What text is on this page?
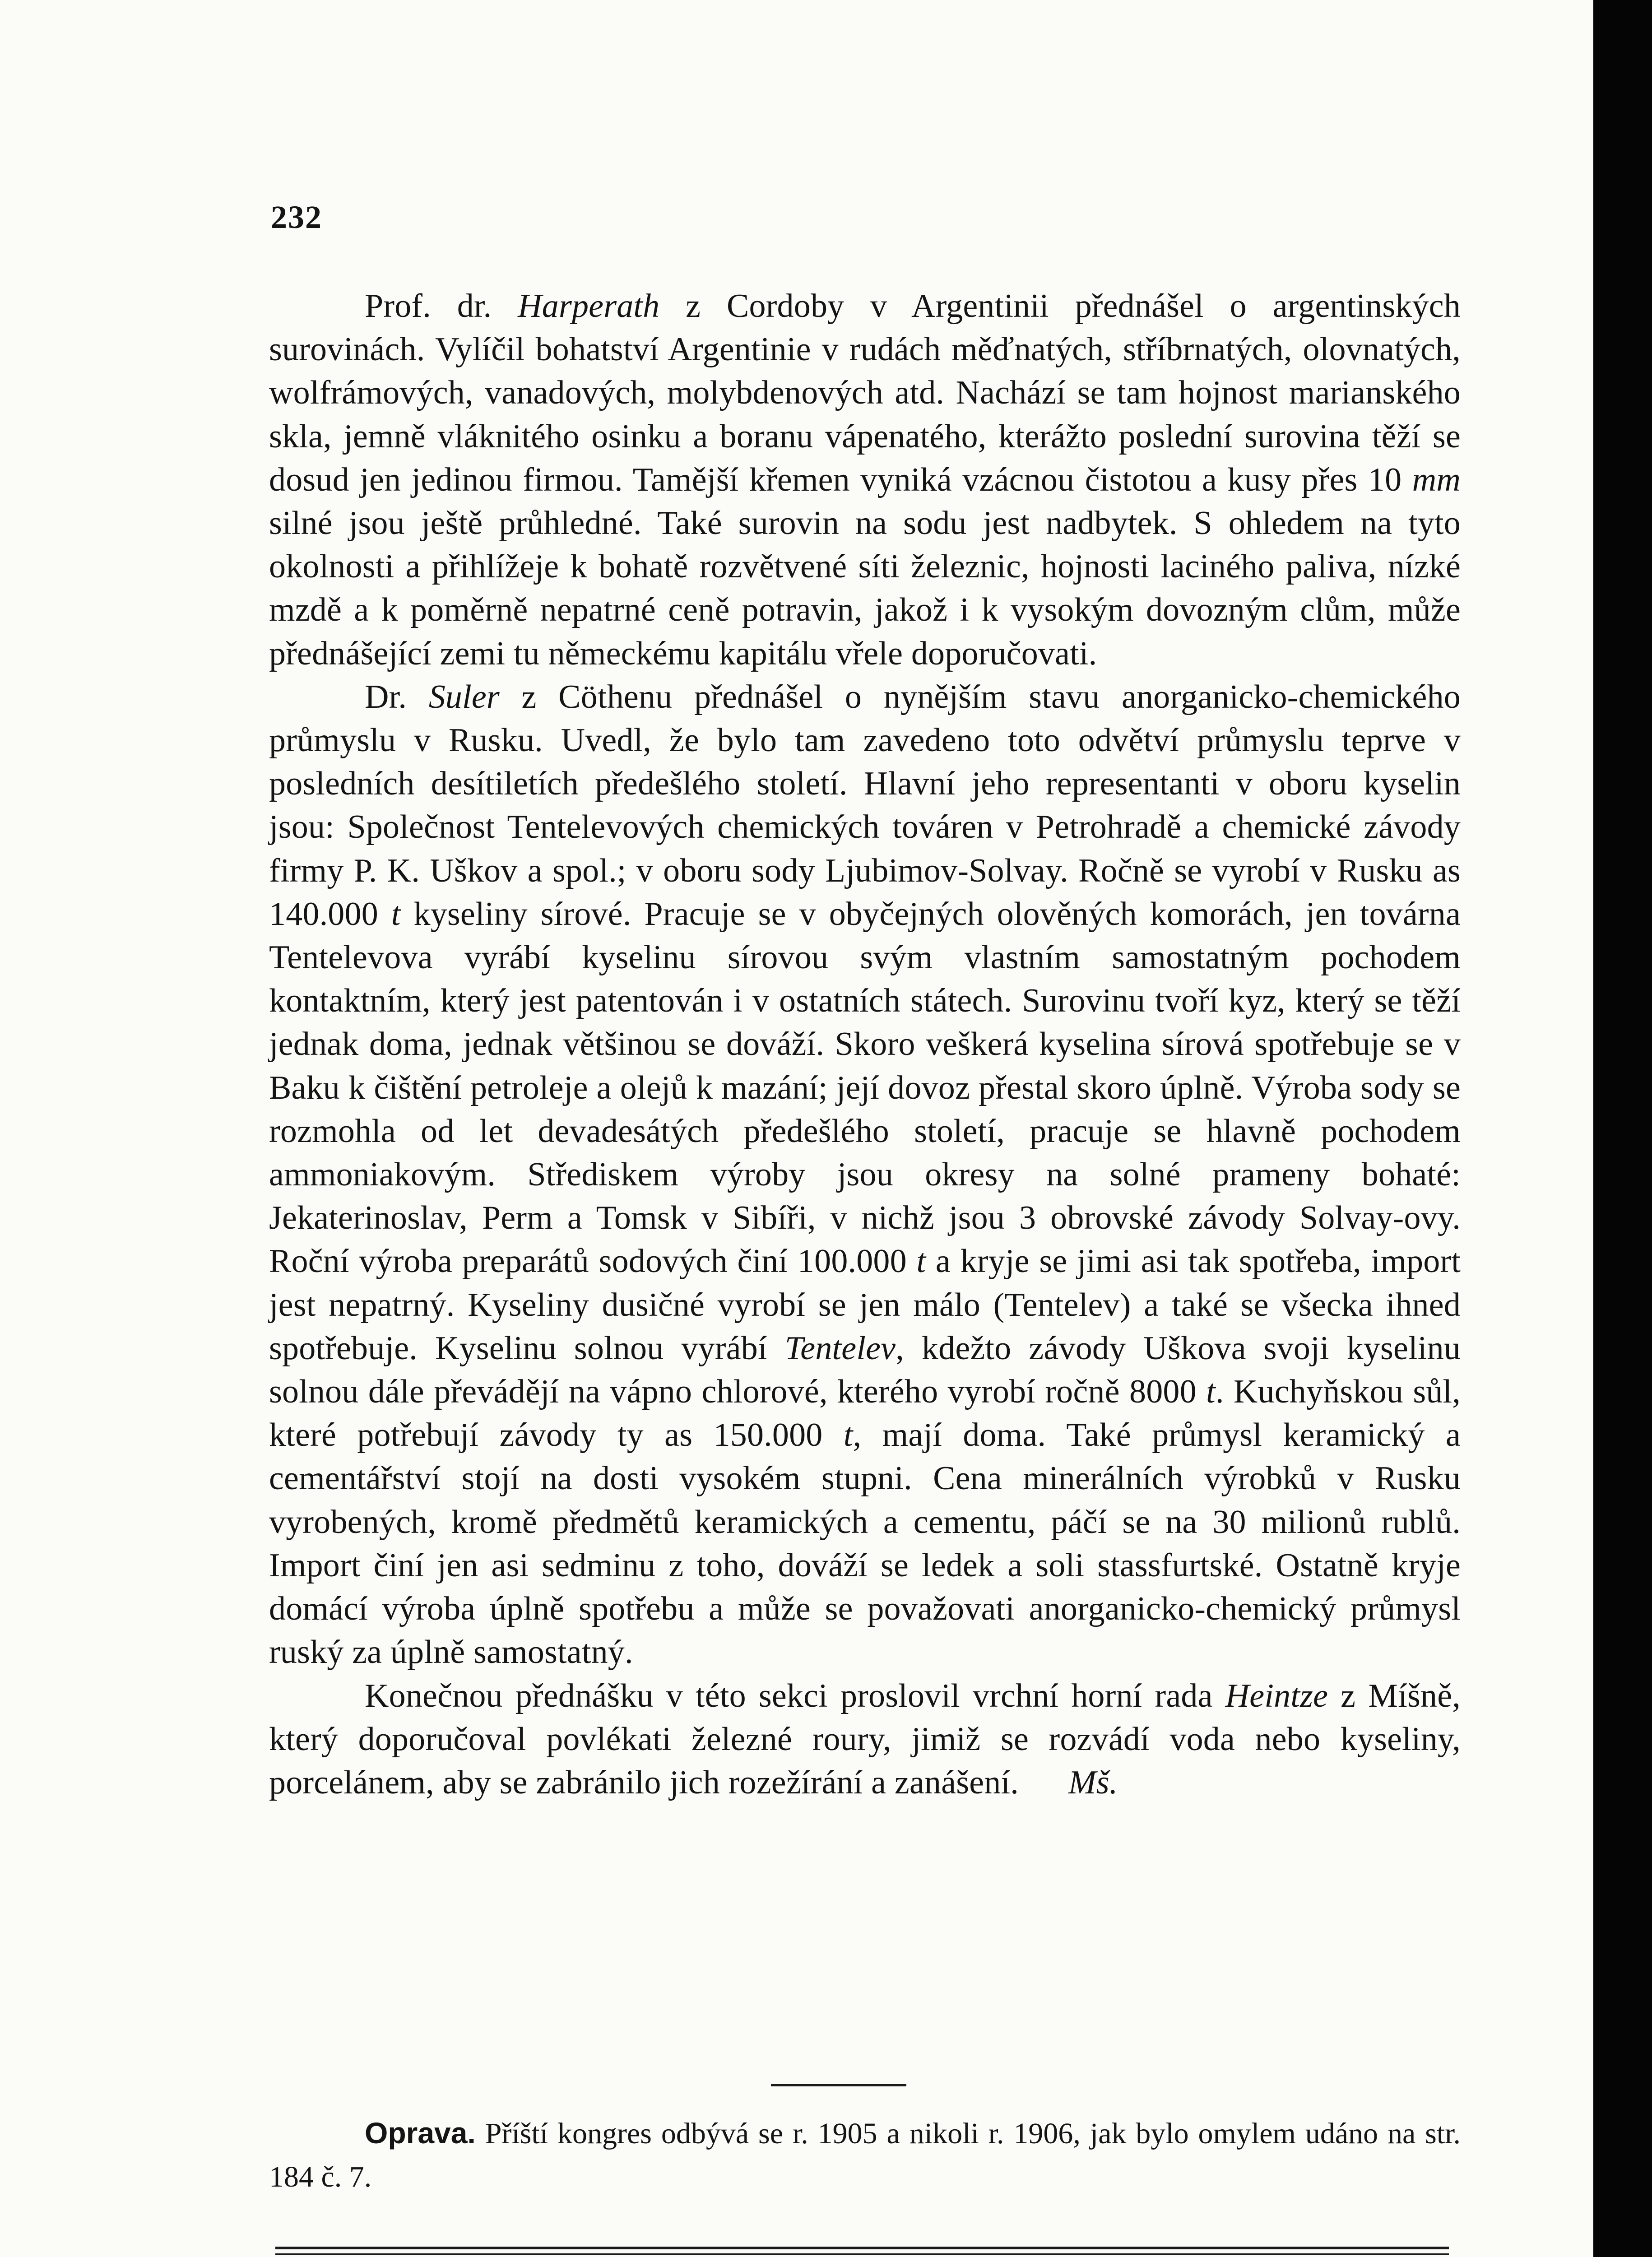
232

Prof. dr. Harperath z Cordoby v Argentinii přednášel o argentinských surovinách. Vylíčil bohatství Argentinie v rudách měďnatých, stříbrnatých, olovnatých, wolfrámových, vanadových, molybdenových atd. Nachází se tam hojnost marianského skla, jemně vláknitého osinku a boranu vápenatého, kterážto poslední surovina těží se dosud jen jedinou firmou. Tamější křemen vyniká vzácnou čistotou a kusy přes 10 mm silné jsou ještě průhledné. Také surovin na sodu jest nadbytek. S ohledem na tyto okolnosti a přihlížeje k bohatě rozvětvené síti železnic, hojnosti laciného paliva, nízké mzdě a k poměrně nepatrné ceně potravin, jakož i k vysokým dovozným clům, může přednášející zemi tu německému kapitálu vřele doporučovati.

Dr. Suler z Cöthenu přednášel o nynějším stavu anorganicko-chemického průmyslu v Rusku. Uvedl, že bylo tam zavedeno toto odvětví průmyslu teprve v posledních desítiletích předešlého století. Hlavní jeho representanti v oboru kyselin jsou: Společnost Tentelevových chemických továren v Petrohradě a chemické závody firmy P. K. Uškov a spol.; v oboru sody Ljubimov-Solvay. Ročně se vyrobí v Rusku as 140.000 t kyseliny sírové. Pracuje se v obyčejných olověných komorách, jen továrna Tentelevova vyrábí kyselinu sírovou svým vlastním samostatným pochodem kontaktním, který jest patentován i v ostatních státech. Surovinu tvoří kyz, který se těží jednak doma, jednak většinou se dováží. Skoro veškerá kyselina sírová spotřebuje se v Baku k čištění petroleje a olejů k mazání; její dovoz přestal skoro úplně. Výroba sody se rozmohla od let devadesátých předešlého století, pracuje se hlavně pochodem ammoniakovým. Střediskem výroby jsou okresy na solné prameny bohaté: Jekaterinoslav, Perm a Tomsk v Sibíři, v nichž jsou 3 obrovské závody Solvay-ovy. Roční výroba preparátů sodových činí 100.000 t a kryje se jimi asi tak spotřeba, import jest nepatrný. Kyseliny dusičné vyrobí se jen málo (Tentelev) a také se všecka ihned spotřebuje. Kyselinu solnou vyrábí Tentelev, kdežto závody Uškova svoji kyselinu solnou dále převádějí na vápno chlorové, kterého vyrobí ročně 8000 t. Kuchyňskou sůl, které potřebují závody ty as 150.000 t, mají doma. Také průmysl keramický a cementářství stojí na dosti vysokém stupni. Cena minerálních výrobků v Rusku vyrobených, kromě předmětů keramických a cementu, páčí se na 30 milionů rublů. Import činí jen asi sedminu z toho, dováží se ledek a soli stassfurtské. Ostatně kryje domácí výroba úplně spotřebu a může se považovati anorganicko-chemický průmysl ruský za úplně samostatný.

Konečnou přednášku v této sekci proslovil vrchní horní rada Heintze z Míšně, který doporučoval povlékati železné roury, jimiž se rozvádí voda nebo kyseliny, porcelánem, aby se zabránilo jich rozežírání a zanášení. Mš.

Oprava. Příští kongres odbývá se r. 1905 a nikoli r. 1906, jak bylo omylem udáno na str. 184 č. 7.
